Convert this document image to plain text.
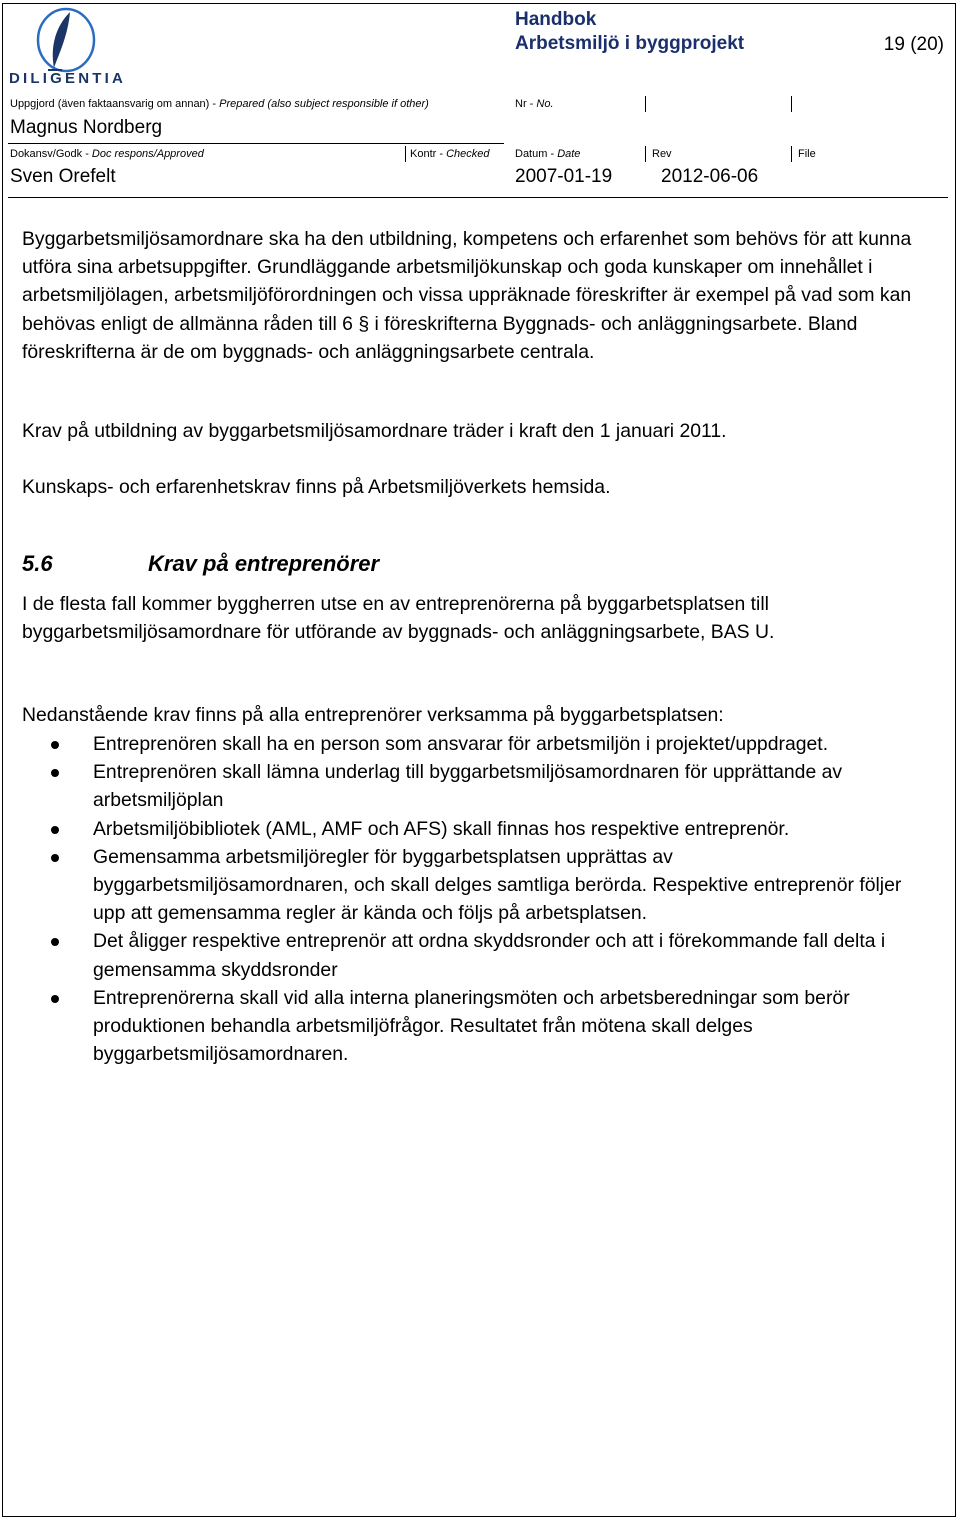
DILIGENTIA
Handbok
Arbetsmiljö i byggprojekt	19 (20)
Uppgjord (även faktaansvarig om annan) - Prepared (also subject responsible if other)
Magnus Nordberg
Nr - No.
Dokansv/Godk - Doc respons/Approved
Sven Orefelt
Kontr - Checked Datum - Date
2007-01-19
Rev
2012-06-06
File

Byggarbetsmiljösamordnare ska ha den utbildning, kompetens och erfarenhet som behövs för att kunna utföra sina arbetsuppgifter. Grundläggande arbetsmiljökunskap och goda kunskaper om innehållet i arbetsmiljölagen, arbetsmiljöförordningen och vissa uppräknade föreskrifter är exempel på vad som kan behövas enligt de allmänna råden till 6 § i föreskrifterna Byggnads- och anläggningsarbete. Bland föreskrifterna är de om byggnads- och anläggningsarbete centrala.

Krav på utbildning av byggarbetsmiljösamordnare träder i kraft den 1 januari 2011.

Kunskaps- och erfarenhetskrav finns på Arbetsmiljöverkets hemsida.

5.6	Krav på entreprenörer

I de flesta fall kommer byggherren utse en av entreprenörerna på byggarbetsplatsen till byggarbetsmiljösamordnare för utförande av byggnads- och anläggningsarbete, BAS U.

Nedanstående krav finns på alla entreprenörer verksamma på byggarbetsplatsen:

Entreprenören skall ha en person som ansvarar för arbetsmiljön i projektet/uppdraget.
Entreprenören skall lämna underlag till byggarbetsmiljösamordnaren för upprättande av arbetsmiljöplan
Arbetsmiljöbibliotek (AML, AMF och AFS) skall finnas hos respektive entreprenör.
Gemensamma arbetsmiljöregler för byggarbetsplatsen upprättas av byggarbetsmiljösamordnaren, och skall delges samtliga berörda. Respektive entreprenör följer upp att gemensamma regler är kända och följs på arbetsplatsen.
Det åligger respektive entreprenör att ordna skyddsronder och att i förekommande fall delta i gemensamma skyddsronder
Entreprenörerna skall vid alla interna planeringsmöten och arbetsberedningar som berör produktionen behandla arbetsmiljöfrågor. Resultatet från mötena skall delges byggarbetsmiljösamordnaren.
